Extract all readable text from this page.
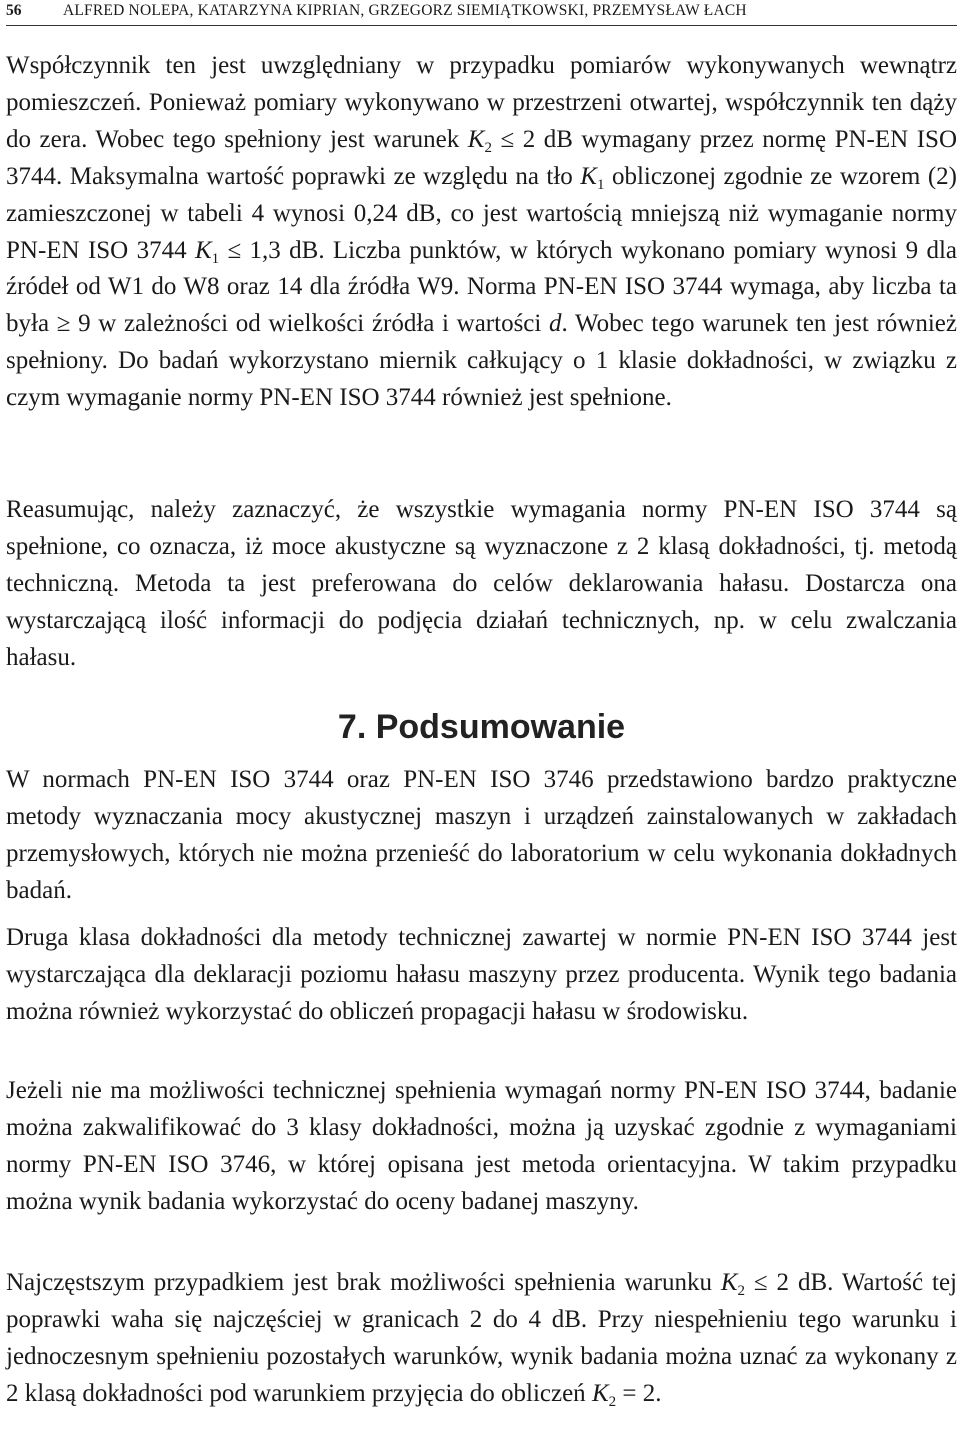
56	ALFRED NOLEPA, KATARZYNA KIPRIAN, GRZEGORZ SIEMIĄTKOWSKI, PRZEMYSŁAW ŁACH

Współczynnik ten jest uwzględniany w przypadku pomiarów wykonywanych wewnątrz pomieszczeń. Ponieważ pomiary wykonywano w przestrzeni otwartej, współczynnik ten dąży do zera. Wobec tego spełniony jest warunek $K_2 \le 2$ dB wymagany przez normę PN-EN ISO 3744. Maksymalna wartość poprawki ze względu na tło $K_1$ obliczonej zgodnie ze wzorem (2) zamieszczonej w tabeli 4 wynosi 0,24 dB, co jest wartością mniejszą niż wymaganie normy PN-EN ISO 3744 $K_1 \le 1,3$ dB. Liczba punktów, w których wykonano pomiary wynosi 9 dla źródeł od W1 do W8 oraz 14 dla źródła W9. Norma PN-EN ISO 3744 wymaga, aby liczba ta była ≥ 9 w zależności od wielkości źródła i wartości d. Wobec tego warunek ten jest również spełniony. Do badań wykorzystano miernik całkujący o 1 klasie dokładności, w związku z czym wymaganie normy PN-EN ISO 3744 również jest spełnione.

Reasumując, należy zaznaczyć, że wszystkie wymagania normy PN-EN ISO 3744 są spełnione, co oznacza, iż moce akustyczne są wyznaczone z 2 klasą dokładności, tj. metodą techniczną. Metoda ta jest preferowana do celów deklarowania hałasu. Dostarcza ona wystarczającą ilość informacji do podjęcia działań technicznych, np. w celu zwalczania hałasu.

7. Podsumowanie

W normach PN-EN ISO 3744 oraz PN-EN ISO 3746 przedstawiono bardzo praktyczne metody wyznaczania mocy akustycznej maszyn i urządzeń zainstalowanych w zakładach przemysłowych, których nie można przenieść do laboratorium w celu wykonania dokładnych badań.

Druga klasa dokładności dla metody technicznej zawartej w normie PN-EN ISO 3744 jest wystarczająca dla deklaracji poziomu hałasu maszyny przez producenta. Wynik tego badania można również wykorzystać do obliczeń propagacji hałasu w środowisku.

Jeżeli nie ma możliwości technicznej spełnienia wymagań normy PN-EN ISO 3744, badanie można zakwalifikować do 3 klasy dokładności, można ją uzyskać zgodnie z wymaganiami normy PN-EN ISO 3746, w której opisana jest metoda orientacyjna. W takim przypadku można wynik badania wykorzystać do oceny badanej maszyny.

Najczęstszym przypadkiem jest brak możliwości spełnienia warunku $K_2 \le 2$ dB. Wartość tej poprawki waha się najczęściej w granicach 2 do 4 dB. Przy niespełnieniu tego warunku i jednoczesnym spełnieniu pozostałych warunków, wynik badania można uznać za wykonany z 2 klasą dokładności pod warunkiem przyjęcia do obliczeń $K_2 = 2$.
